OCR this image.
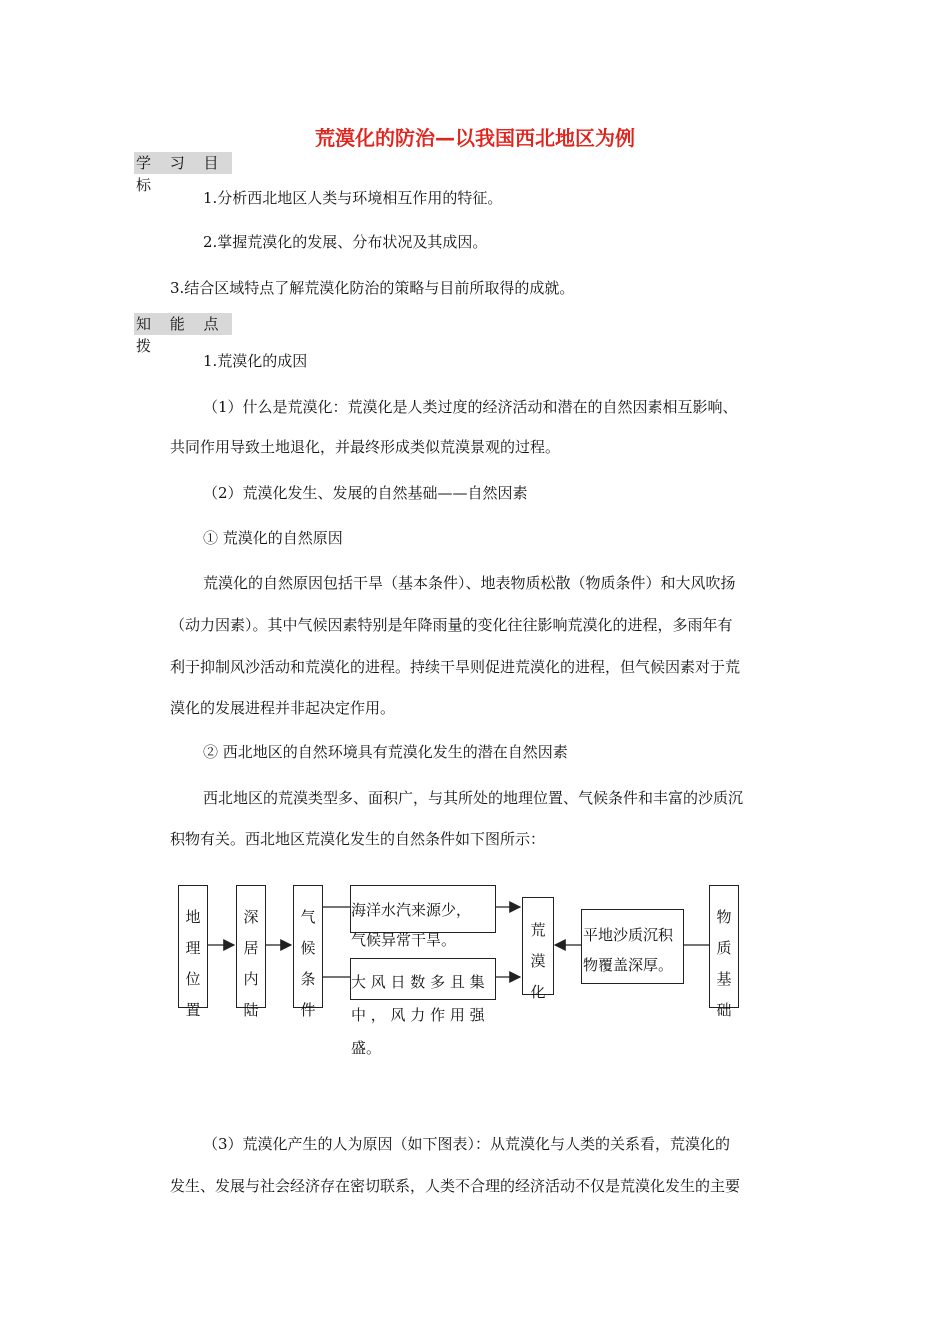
荒漠化的防治—以我国西北地区为例
学 习 目 标
1.分析西北地区人类与环境相互作用的特征。
2.掌握荒漠化的发展、分布状况及其成因。
3.结合区域特点了解荒漠化防治的策略与目前所取得的成就。
知 能 点 拨
1.荒漠化的成因
（1）什么是荒漠化：荒漠化是人类过度的经济活动和潜在的自然因素相互影响、
共同作用导致土地退化，并最终形成类似荒漠景观的过程。
（2）荒漠化发生、发展的自然基础——自然因素
① 荒漠化的自然原因
荒漠化的自然原因包括干旱（基本条件）、地表物质松散（物质条件）和大风吹扬
（动力因素）。其中气候因素特别是年降雨量的变化往往影响荒漠化的进程，多雨年有
利于抑制风沙活动和荒漠化的进程。持续干旱则促进荒漠化的进程，但气候因素对于荒
漠化的发展进程并非起决定作用。
② 西北地区的自然环境具有荒漠化发生的潜在自然因素
西北地区的荒漠类型多、面积广，与其所处的地理位置、气候条件和丰富的沙质沉
积物有关。西北地区荒漠化发生的自然条件如下图所示：
地
理
位
置
深
居
内
陆
气
候
条
件
海洋水汽来源少，
气候异常干旱。
大 风 日 数 多 且 集
中 ， 风 力 作 用 强
盛。
荒
漠
化
平地沙质沉积
物覆盖深厚。
物
质
基
础
（3）荒漠化产生的人为原因（如下图表）：从荒漠化与人类的关系看，荒漠化的
发生、发展与社会经济存在密切联系，人类不合理的经济活动不仅是荒漠化发生的主要
